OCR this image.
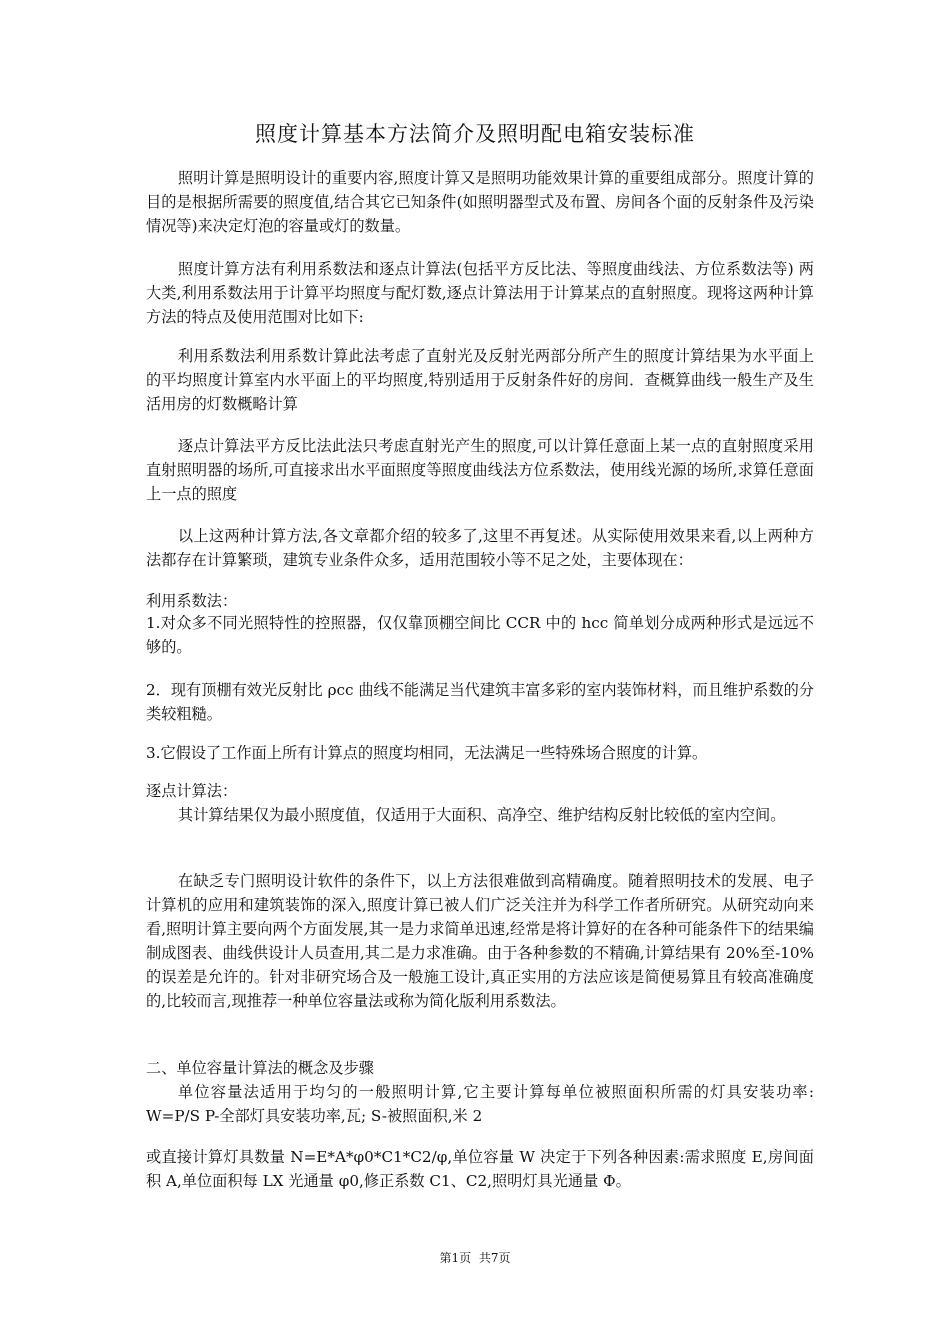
照度计算基本方法简介及照明配电箱安装标准

照明计算是照明设计的重要内容,照度计算又是照明功能效果计算的重要组成部分。照度计算的目的是根据所需要的照度值,结合其它已知条件(如照明器型式及布置、房间各个面的反射条件及污染情况等)来决定灯泡的容量或灯的数量。

照度计算方法有利用系数法和逐点计算法(包括平方反比法、等照度曲线法、方位系数法等) 两大类,利用系数法用于计算平均照度与配灯数,逐点计算法用于计算某点的直射照度。现将这两种计算方法的特点及使用范围对比如下:

利用系数法利用系数计算此法考虑了直射光及反射光两部分所产生的照度计算结果为水平面上的平均照度计算室内水平面上的平均照度,特别适用于反射条件好的房间．查概算曲线一般生产及生活用房的灯数概略计算

逐点计算法平方反比法此法只考虑直射光产生的照度,可以计算任意面上某一点的直射照度采用直射照明器的场所,可直接求出水平面照度等照度曲线法方位系数法，使用线光源的场所,求算任意面上一点的照度

以上这两种计算方法,各文章都介绍的较多了,这里不再复述。从实际使用效果来看,以上两种方法都存在计算繁琐，建筑专业条件众多，适用范围较小等不足之处，主要体现在：

利用系数法：

1.对众多不同光照特性的控照器，仅仅靠顶棚空间比 CCR 中的 hcc 简单划分成两种形式是远远不够的。

2．现有顶棚有效光反射比 ρcc 曲线不能满足当代建筑丰富多彩的室内装饰材料，而且维护系数的分类较粗糙。

3.它假设了工作面上所有计算点的照度均相同，无法满足一些特殊场合照度的计算。

逐点计算法：

其计算结果仅为最小照度值，仅适用于大面积、高净空、维护结构反射比较低的室内空间。

在缺乏专门照明设计软件的条件下，以上方法很难做到高精确度。随着照明技术的发展、电子计算机的应用和建筑装饰的深入,照度计算已被人们广泛关注并为科学工作者所研究。从研究动向来看,照明计算主要向两个方面发展,其一是力求简单迅速,经常是将计算好的在各种可能条件下的结果编制成图表、曲线供设计人员查用,其二是力求准确。由于各种参数的不精确,计算结果有 20%至-10%的误差是允许的。针对非研究场合及一般施工设计,真正实用的方法应该是简便易算且有较高准确度的,比较而言,现推荐一种单位容量法或称为简化版利用系数法。

二、单位容量计算法的概念及步骤

单位容量法适用于均匀的一般照明计算,它主要计算每单位被照面积所需的灯具安装功率: W=P/S P-全部灯具安装功率,瓦; S-被照面积,米 2

或直接计算灯具数量 N=E*A*φ0*C1*C2/φ,单位容量 W 决定于下列各种因素:需求照度 E,房间面积 A,单位面积每 LX 光通量 φ0,修正系数 C1、C2,照明灯具光通量 Φ。

第1页 共7页
